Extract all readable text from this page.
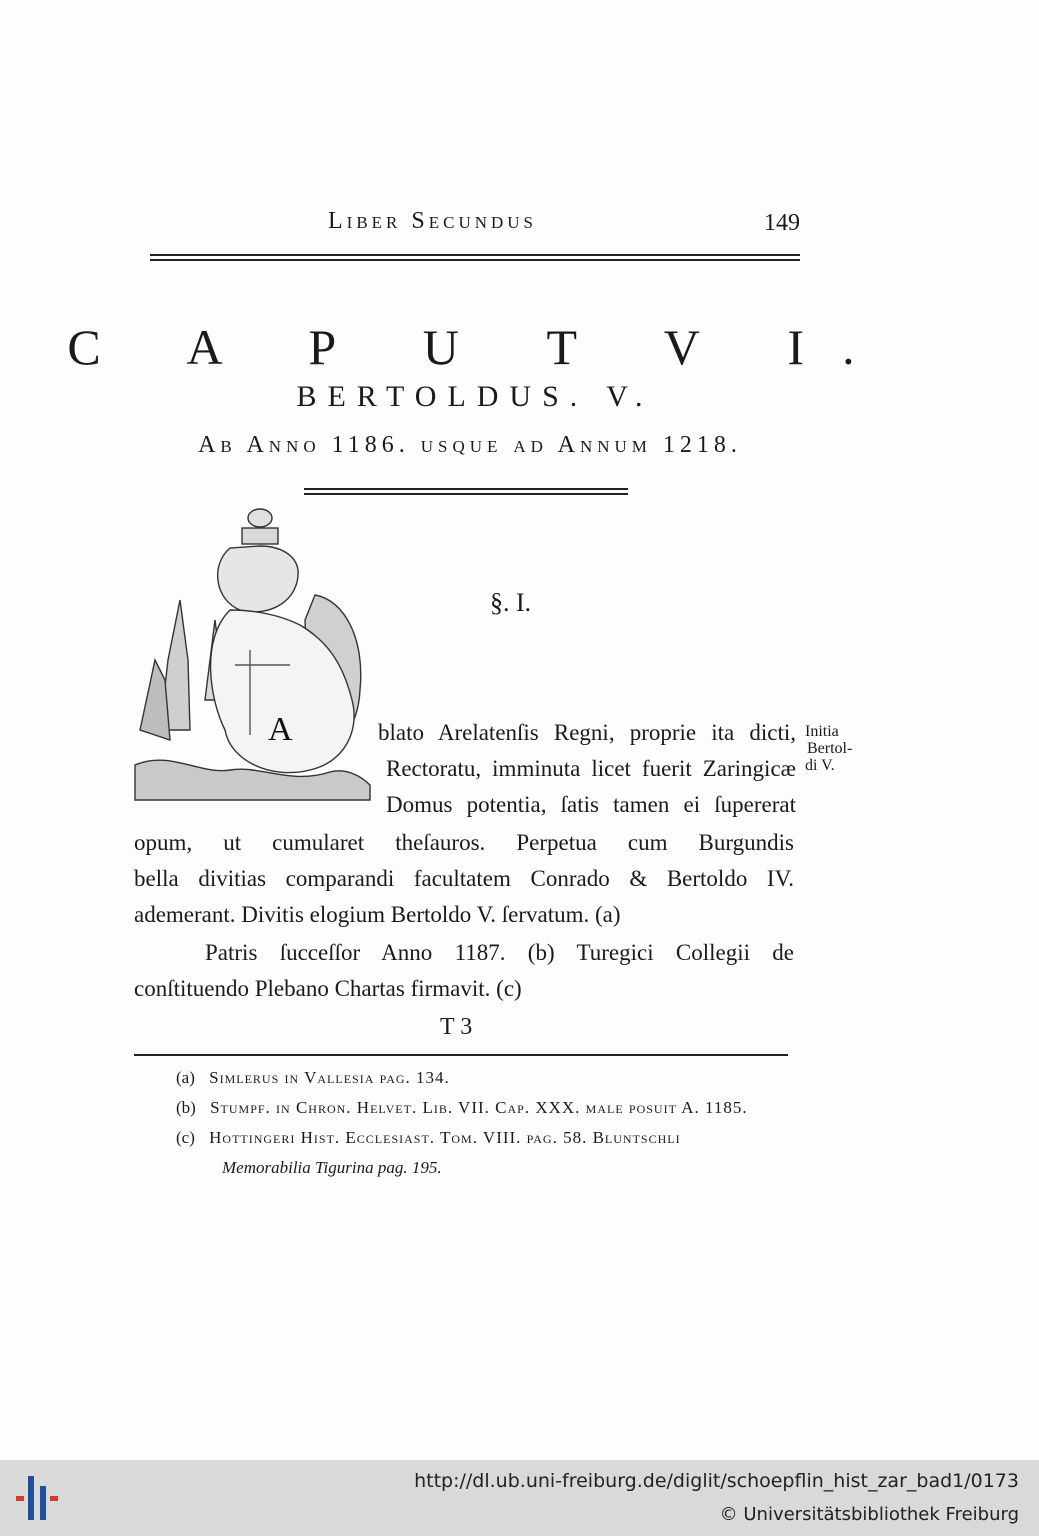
Liber Secundus	149
C A P U T V I.
BERTOLDUS. V.
Ab Anno 1186. usque ad Annum 1218.
A
§. I.
blato Arelatenſis Regni, proprie ita dicti,
Rectoratu, imminuta licet fuerit Zaringicæ
Domus potentia, ſatis tamen ei ſupererat
opum, ut cumularet theſauros. Perpetua cum Burgundis
bella divitias comparandi facultatem Conrado & Bertoldo IV.
ademerant. Divitis elogium Bertoldo V. ſervatum. (a)
Patris ſucceſſor Anno 1187. (b) Turegici Collegii de
conſtituendo Plebano Chartas firmavit. (c)
Initia
Bertol-
di V.
T 3
(a) Simlerus in Valleſia pag. 134.
(b) Stumpf. in Chron. Helvet. Lib. VII. Cap. XXX. male poſuit A. 1185.
(c) Hottingeri Hiſt. Eccleſiaſt. Tom. VIII. pag. 58. Bluntschli
Memorabilia Tigurina pag. 195.
http://dl.ub.uni-freiburg.de/diglit/schoepflin_hist_zar_bad1/0173
© Universitätsbibliothek Freiburg
